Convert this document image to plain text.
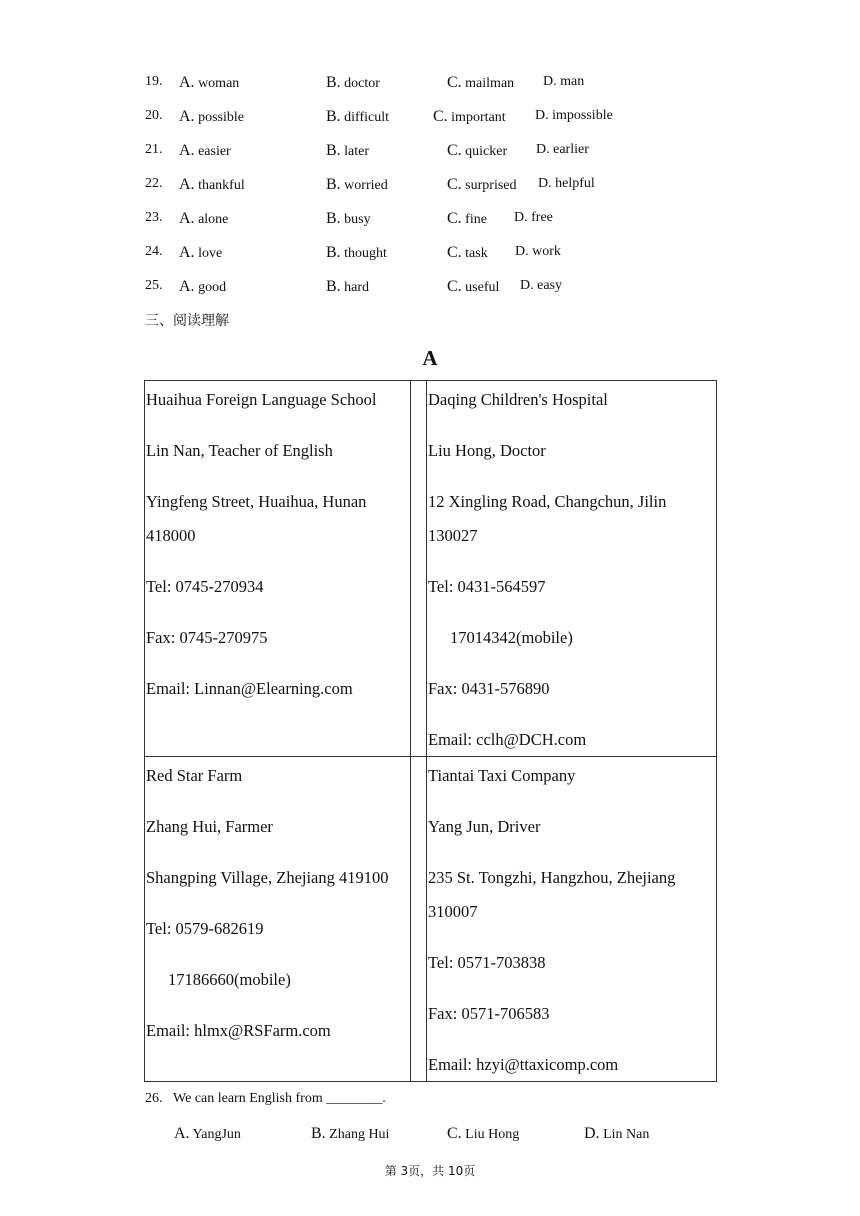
19. A. woman	B. doctor	C. mailman D. man
20. A. possible	B. difficult	C. important D. impossible
21. A. easier	B. later	C. quicker D. earlier
22. A. thankful	B. worried	C. surprised D. helpful
23. A. alone	B. busy	C. fine D. free
24. A. love	B. thought	C. task D. work
25. A. good	B. hard	C. useful D. easy
三、阅读理解
A
Huaihua Foreign Language School
Lin Nan, Teacher of English
Yingfeng Street, Huaihua, Hunan
418000
Tel: 0745-270934
Fax: 0745-270975
Email: Linnan@Elearning.com
Daqing Children's Hospital
Liu Hong, Doctor
12 Xingling Road, Changchun, Jilin
130027
Tel: 0431-564597
17014342(mobile)
Fax: 0431-576890
Email: cclh@DCH.com
Red Star Farm
Zhang Hui, Farmer
Shangping Village, Zhejiang 419100
Tel: 0579-682619
17186660(mobile)
Email: hlmx@RSFarm.com
Tiantai Taxi Company
Yang Jun, Driver
235 St. Tongzhi, Hangzhou, Zhejiang
310007
Tel: 0571-703838
Fax: 0571-706583
Email: hzyi@ttaxicomp.com
26. We can learn English from ________.
A. YangJun	B. Zhang Hui	C. Liu Hong	D. Lin Nan
第 3页，共 10页
